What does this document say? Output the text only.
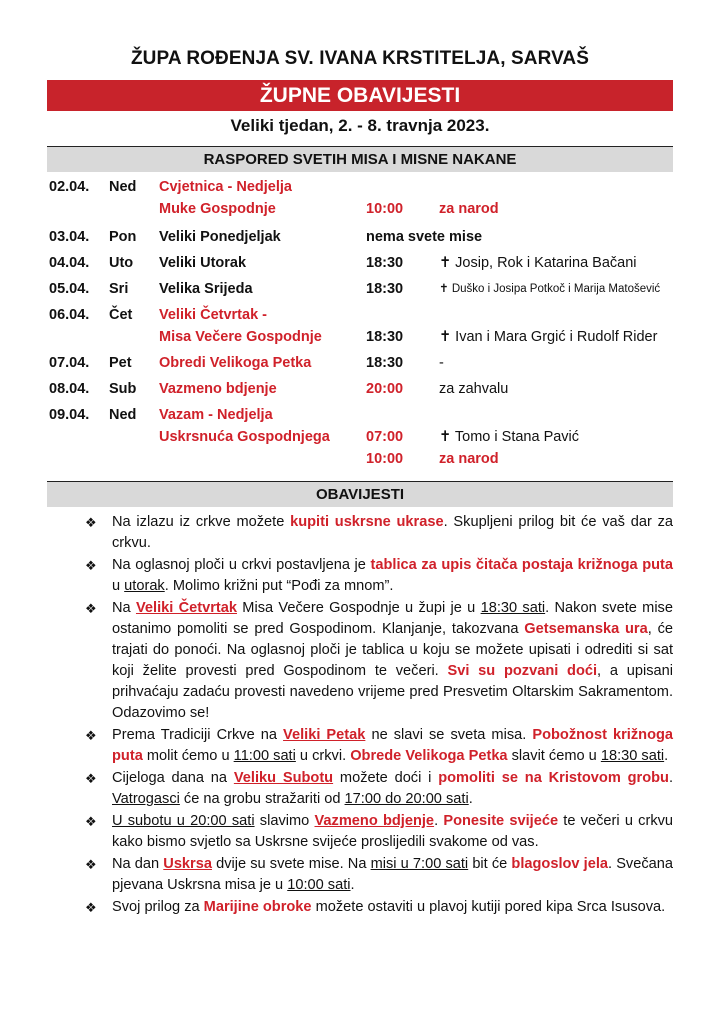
ŽUPA ROĐENJA SV. IVANA KRSTITELJA, SARVAŠ
ŽUPNE OBAVIJESTI
Veliki tjedan, 2. - 8. travnja 2023.
RASPORED SVETIH MISA I MISNE NAKANE
02.04. Ned Cvjetnica - Nedjelja
Muke Gospodnje	10:00 za narod
03.04. Pon Veliki Ponedjeljak	nema svete mise
04.04. Uto Veliki Utorak	18:30 ✝ Josip, Rok i Katarina Bačani
05.04. Sri Velika Srijeda	18:30	✝ Duško i Josipa Potkoč i Marija Matošević
06.04. Čet Veliki Četvrtak -
Misa Večere Gospodnje	18:30 ✝ Ivan i Mara Grgić i Rudolf Rider
07.04. Pet Obredi Velikoga Petka	18:30 -
08.04. Sub Vazmeno bdjenje	20:00 za zahvalu
09.04. Ned Vazam - Nedjelja
Uskrsnuća Gospodnjega 07:00 ✝ Tomo i Stana Pavić
10:00 za narod
OBAVIJESTI
❖ Na izlazu iz crkve možete kupiti uskrsne ukrase. Skupljeni prilog bit će vaš dar za crkvu.
❖ Na oglasnoj ploči u crkvi postavljena je tablica za upis čitača postaja križnoga puta u utorak. Molimo križni put “Pođi za mnom”.
❖ Na Veliki Četvrtak Misa Večere Gospodnje u župi je u 18:30 sati. Nakon svete mise ostanimo pomoliti se pred Gospodinom. Klanjanje, takozvana Getsemanska ura, će trajati do ponoći. Na oglasnoj ploči je tablica u koju se možete upisati i odrediti si sat koji želite provesti pred Gospodinom te večeri. Svi su pozvani doći, a upisani prihvaćaju zadaću provesti navedeno vrijeme pred Presvetim Oltarskim Sakramentom. Odazovimo se!
❖ Prema Tradiciji Crkve na Veliki Petak ne slavi se sveta misa. Pobožnost križnoga puta molit ćemo u 11:00 sati u crkvi. Obrede Velikoga Petka slavit ćemo u 18:30 sati.
❖ Cijeloga dana na Veliku Subotu možete doći i pomoliti se na Kristovom grobu. Vatrogasci će na grobu stražariti od 17:00 do 20:00 sati.
❖ U subotu u 20:00 sati slavimo Vazmeno bdjenje. Ponesite svijeće te večeri u crkvu kako bismo svjetlo sa Uskrsne svijeće proslijedili svakome od vas.
❖ Na dan Uskrsa dvije su svete mise. Na misi u 7:00 sati bit će blagoslov jela. Svečana pjevana Uskrsna misa je u 10:00 sati.
❖ Svoj prilog za Marijine obroke možete ostaviti u plavoj kutiji pored kipa Srca Isusova.
